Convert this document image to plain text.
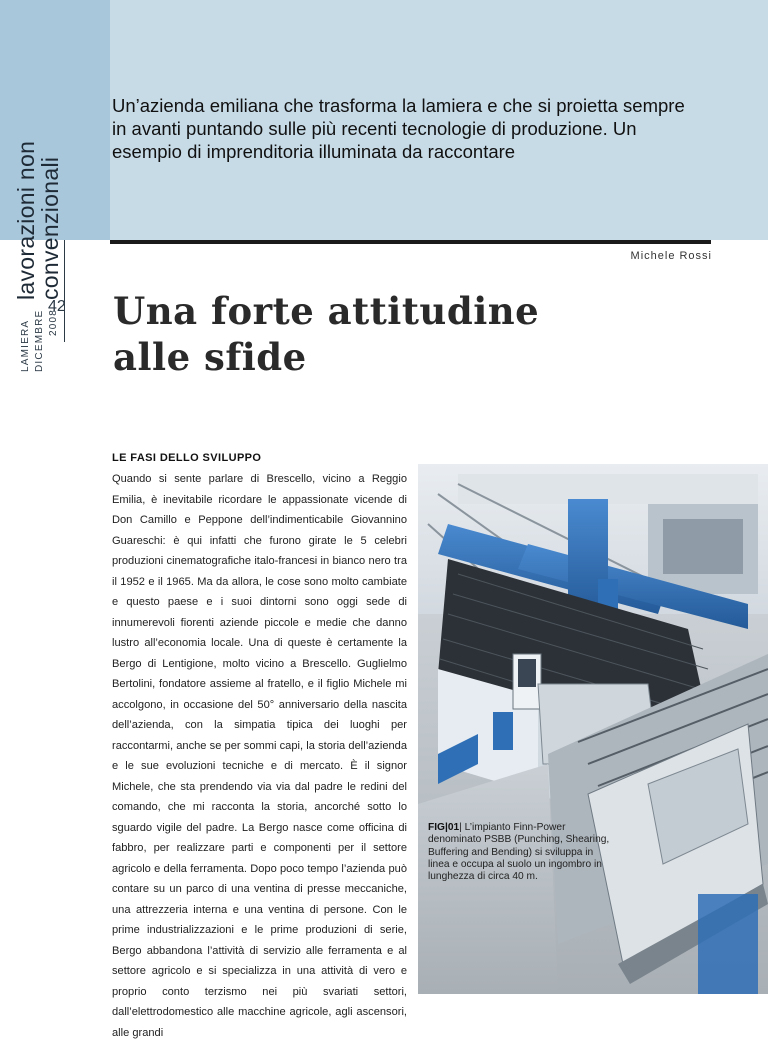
lavorazioni non
convenzionali
42
LAMIERA DICEMBRE 2008
Un’azienda emiliana che trasforma la lamiera e che si proietta sempre in avanti puntando sulle più recenti tecnologie di produzione. Un esempio di imprenditoria illuminata da raccontare
Michele Rossi
Una forte attitudine
alle sfide
LE FASI DELLO SVILUPPO
Quando si sente parlare di Brescello, vicino a Reggio Emilia, è inevitabile ricordare le appassionate vicende di Don Camillo e Peppone dell’indimenticabile Giovannino Guareschi: è qui infatti che furono girate le 5 celebri produzioni cinematografiche italo-francesi in bianco nero tra il 1952 e il 1965. Ma da allora, le cose sono molto cambiate e questo paese e i suoi dintorni sono oggi sede di innumerevoli fiorenti aziende piccole e medie che danno lustro all’economia locale. Una di queste è certamente la Bergo di Lentigione, molto vicino a Brescello. Guglielmo Bertolini, fondatore assieme al fratello, e il figlio Michele mi accolgono, in occasione del 50° anniversario della nascita dell’azienda, con la simpatia tipica dei luoghi per raccontarmi, anche se per sommi capi, la storia dell’azienda e le sue evoluzioni tecniche e di mercato. È il signor Michele, che sta prendendo via via dal padre le redini del comando, che mi racconta la storia, ancorché sotto lo sguardo vigile del padre. La Bergo nasce come officina di fabbro, per realizzare parti e componenti per il settore agricolo e della ferramenta. Dopo poco tempo l’azienda può contare su un parco di una ventina di presse meccaniche, una attrezzeria interna e una ventina di persone. Con le prime industrializzazioni e le prime produzioni di serie, Bergo abbandona l’attività di servizio alle ferramenta e al settore agricolo e si specializza in una attività di vero e proprio conto terzismo nei più svariati settori, dall’elettrodomestico alle macchine agricole, agli ascensori, alle grandi
FIG|01| L’impianto Finn-Power denominato PSBB (Punching, Shearing, Buffering and Bending) si sviluppa in linea e occupa al suolo un ingombro in lunghezza di circa 40 m.
